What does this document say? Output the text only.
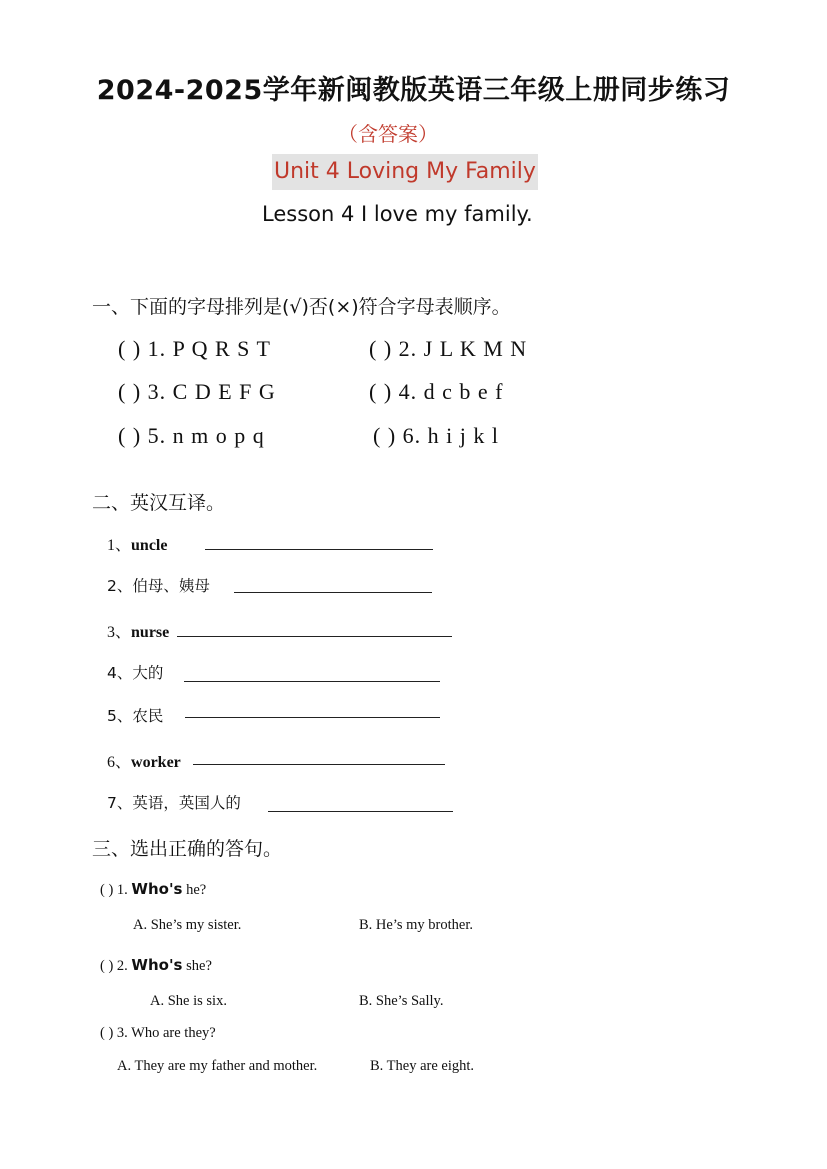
2024-2025学年新闽教版英语三年级上册同步练习
（含答案）
Unit 4 Loving My Family
Lesson 4 I love my family.
一、下面的字母排列是(√)否(×)符合字母表顺序。
( ) 1. P Q R S T	( ) 2. J L K M N
( ) 3. C D E F G	( ) 4. d c b e f
( ) 5. n m o p q	( ) 6. h i j k l
二、英汉互译。
1、uncle
2、伯母、姨母
3、nurse
4、大的
5、农民
6、worker
7、英语，英国人的
三、选出正确的答句。
( ) 1. Who's he?
A. She’s my sister.	B. He’s my brother.
( ) 2. Who's she?
A. She is six.	B. She’s Sally.
( ) 3. Who are they?
A. They are my father and mother.	B. They are eight.
